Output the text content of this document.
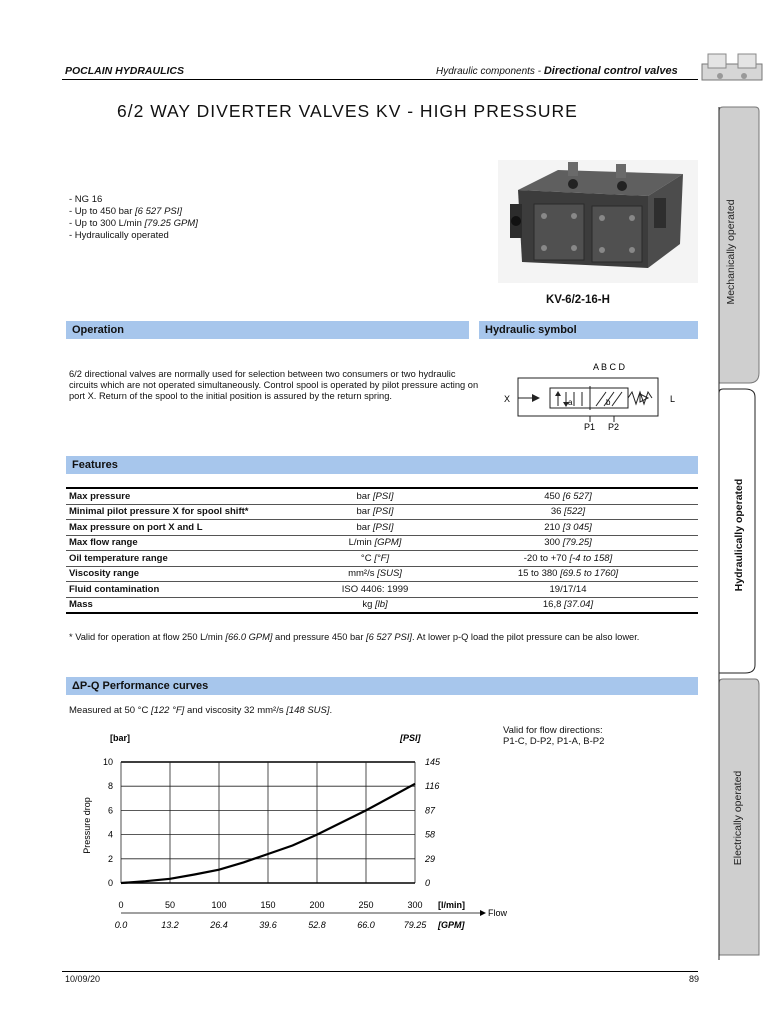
POCLAIN HYDRAULICS	Hydraulic components - Directional control valves
Mechanically operated
Hydraulically operated
Electrically operated
6/2 WAY DIVERTER VALVES KV - HIGH PRESSURE
- NG 16
- Up to 450 bar [6 527 PSI]
- Up to 300 L/min [79.25 GPM]
- Hydraulically operated
KV-6/2-16-H
Operation	Hydraulic symbol
6/2 directional valves are normally used for selection between two consumers or two hydraulic circuits which are not operated simultaneously. Control spool is operated by pilot pressure acting on port X. Return of the spool to the initial position is assured by the return spring.
A B C D
X	L
a	b
P1 P2
Features
Max pressure	bar [PSI]	450 [6 527]
Minimal pilot pressure X for spool shift*	bar [PSI]	36 [522]
Max pressure on port X and L	bar [PSI]	210 [3 045]
Max flow range	L/min [GPM]	300 [79.25]
Oil temperature range	°C [°F]	-20 to +70 [-4 to 158]
Viscosity range	mm²/s [SUS]	15 to 380 [69.5 to 1760]
Fluid contamination	ISO 4406: 1999	19/17/14
Mass	kg [lb]	16,8 [37.04]
* Valid for operation at flow 250 L/min [66.0 GPM] and pressure 450 bar [6 527 PSI]. At lower p-Q load the pilot pressure can be also lower.
ΔP-Q Performance curves
Measured at 50 °C [122 °F] and viscosity 32 mm²/s [148 SUS].
Valid for flow directions:
P1-C, D-P2, P1-A, B-P2
0
2
4
6
8
10
0
29
58
87
116
145
0	50	100	150	200	250	300
0.0	13.2	26.4	39.6	52.8	66.0	79.25
[bar]	[PSI]
[l/min]
[GPM]
Flow
Pressure drop
10/09/20	89
